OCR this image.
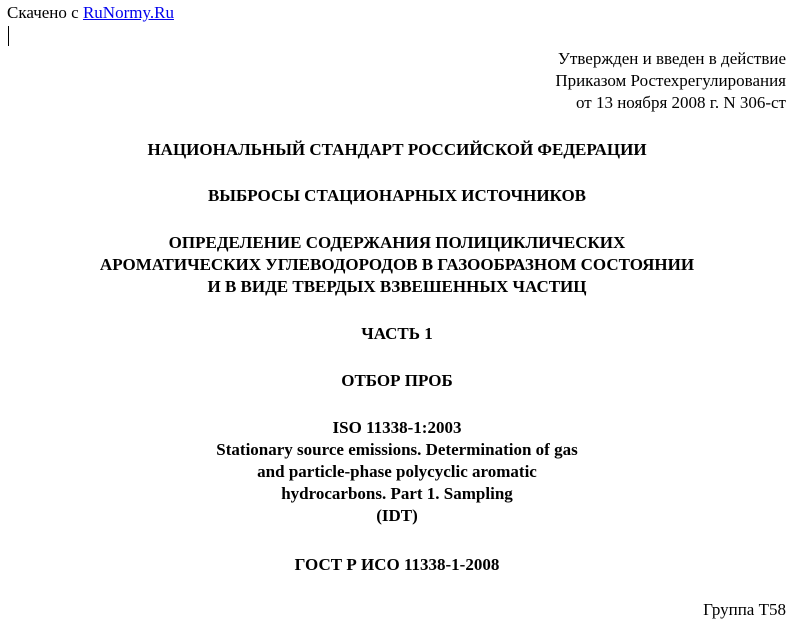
Скачено с RuNormy.Ru
Утвержден и введен в действие
Приказом Ростехрегулирования
от 13 ноября 2008 г. N 306-ст
НАЦИОНАЛЬНЫЙ СТАНДАРТ РОССИЙСКОЙ ФЕДЕРАЦИИ
ВЫБРОСЫ СТАЦИОНАРНЫХ ИСТОЧНИКОВ
ОПРЕДЕЛЕНИЕ СОДЕРЖАНИЯ ПОЛИЦИКЛИЧЕСКИХ
АРОМАТИЧЕСКИХ УГЛЕВОДОРОДОВ В ГАЗООБРАЗНОМ СОСТОЯНИИ
И В ВИДЕ ТВЕРДЫХ ВЗВЕШЕННЫХ ЧАСТИЦ
ЧАСТЬ 1
ОТБОР ПРОБ
ISO 11338-1:2003
Stationary source emissions. Determination of gas
and particle-phase polycyclic aromatic
hydrocarbons. Part 1. Sampling
(IDT)
ГОСТ Р ИСО 11338-1-2008
Группа Т58
